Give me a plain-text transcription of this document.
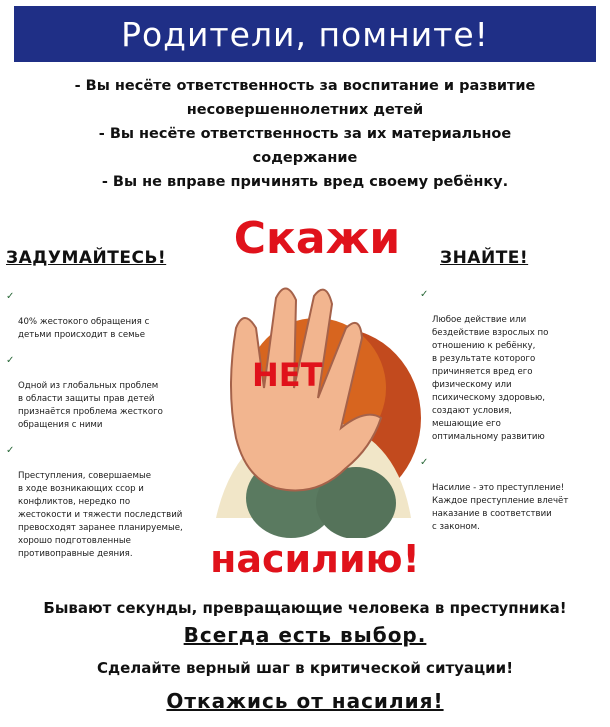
Родители, помните!
- Вы несёте ответственность за воспитание и развитие
несовершеннолетних детей
- Вы несёте ответственность за их материальное
содержание
- Вы не вправе причинять вред своему ребёнку.
ЗАДУМАЙТЕСЬ!	ЗНАЙТЕ!
Скажи

✓

40% жестокого обращения с
детьми происходит в семье

✓

Одной из глобальных проблем
в области защиты прав детей
признаётся проблема жесткого
обращения с ними

✓

Преступления, совершаемые
в ходе возникающих ссор и
конфликтов, нередко по
жестокости и тяжести последствий
превосходят заранее планируемые,
хорошо подготовленные
противоправные деяния.

✓

Любое действие или
бездействие взрослых по
отношению к ребёнку,
в результате которого
причиняется вред его
физическому или
психическому здоровью,
создают условия,
мешающие его
оптимальному развитию

✓

Насилие - это преступление!
Каждое преступление влечёт
наказание в соответствии
с законом.

НЕТ
насилию!
Бывают секунды, превращающие человека в преступника!
Всегда есть выбор.
Сделайте верный шаг в критической ситуации!
Откажись от насилия!
